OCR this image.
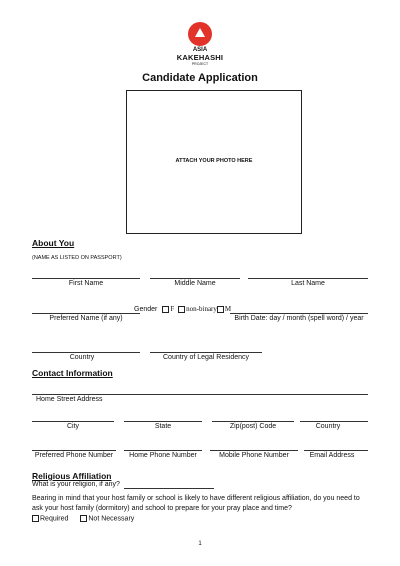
ASIA
KAKEHASHI
PROJECT
Candidate Application
ATTACH YOUR PHOTO HERE
About You
(NAME AS LISTED ON PASSPORT)
First Name	Middle Name	Last Name
Gender F non-binary M
Preferred Name (if any)	Birth Date: day / month (spell word) / year
Country	Country of Legal Residency
Contact Information
Home Street Address
City	State	Zip(post) Code	Country
Preferred Phone Number	Home Phone Number	Mobile Phone Number	Email Address
Religious Affiliation
What is your religion, if any?
Bearing in mind that your host family or school is likely to have different religious affiliation, do you need to ask your host family (dormitory) and school to prepare for your pray place and time?
Required	Not Necessary
1
